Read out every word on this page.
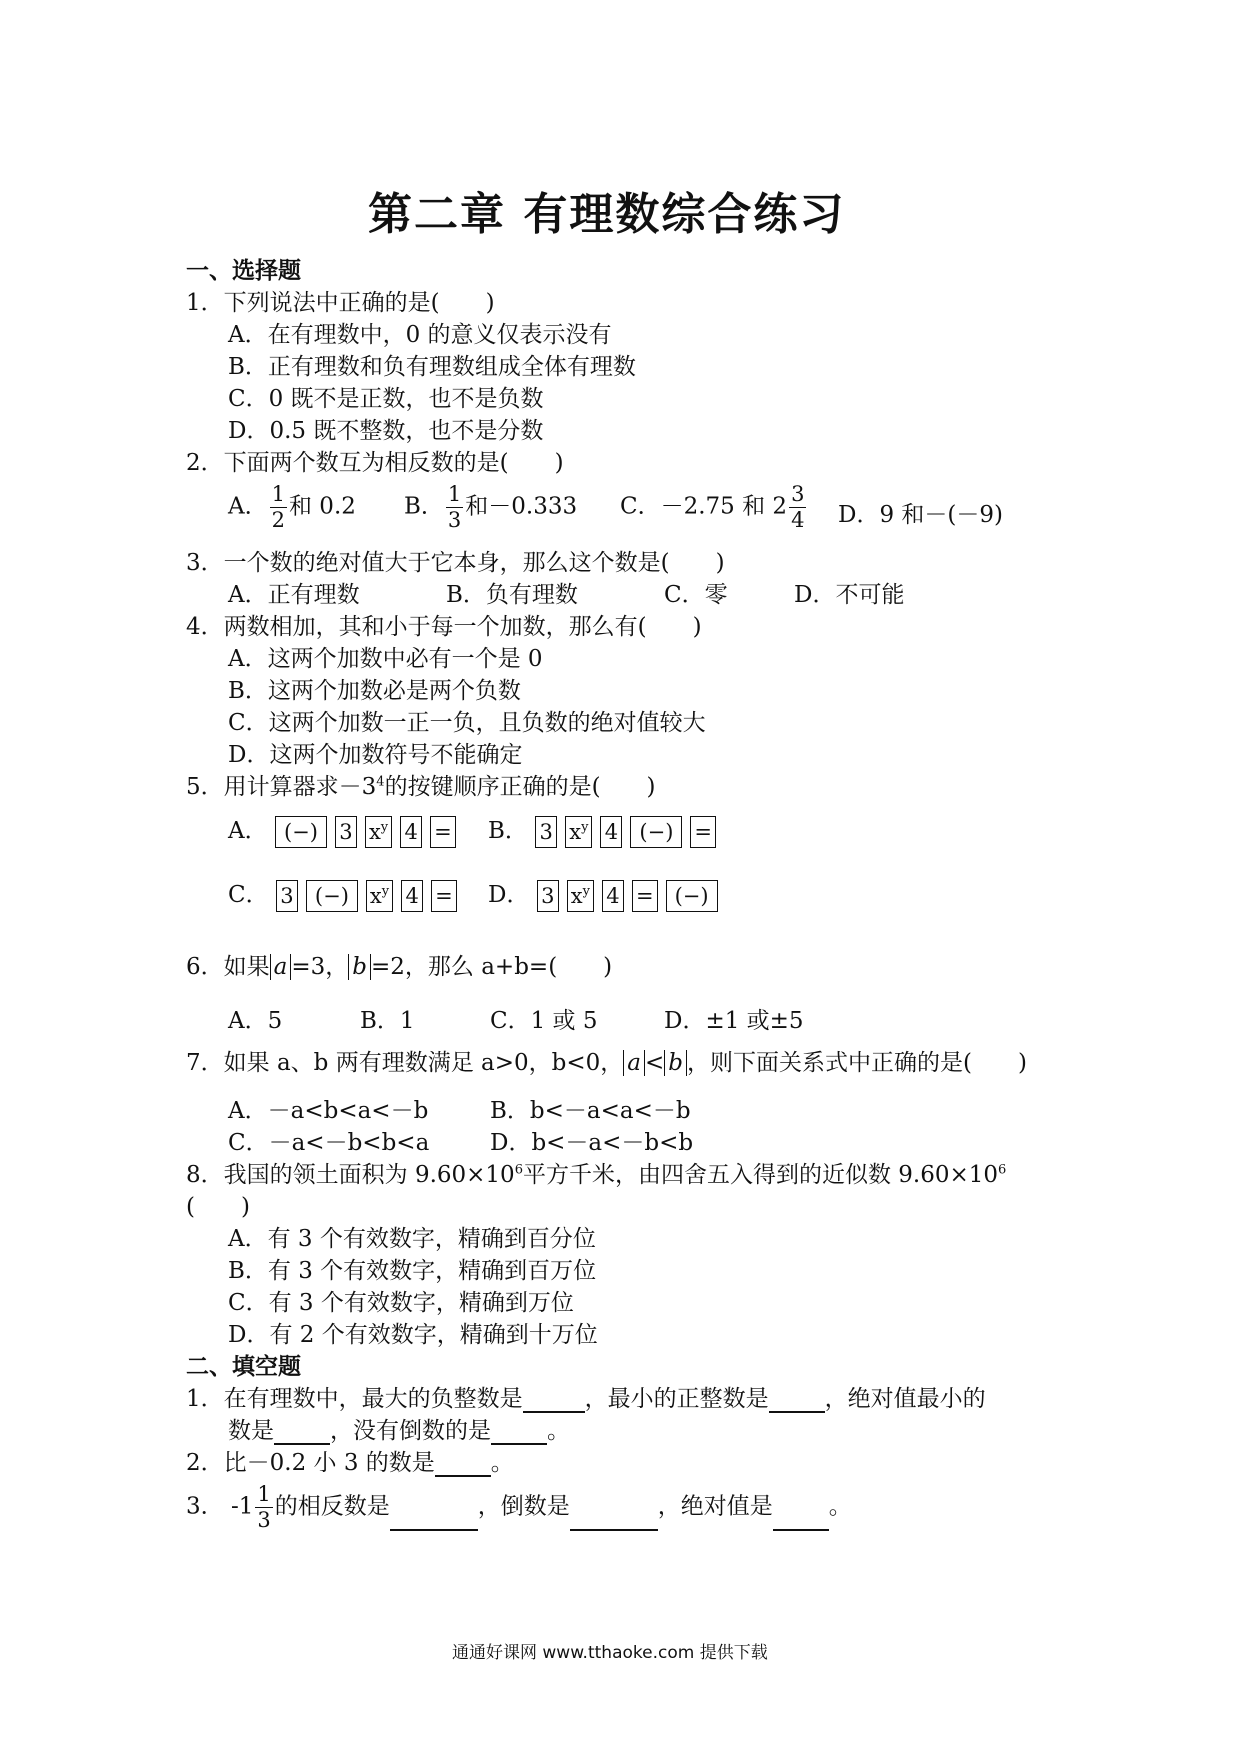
第二章 有理数综合练习
一、选择题
1．下列说法中正确的是(　　)
A．在有理数中，0 的意义仅表示没有
B．正有理数和负有理数组成全体有理数
C．0 既不是正数，也不是负数
D．0.5 既不整数，也不是分数
2．下面两个数互为相反数的是(　　)
A． $\frac{1}{2}$ 和 0.2 B． $\frac{1}{3}$ 和－0.333 C．－2.75 和 $2 \frac{3}{4}$ D．9 和－(－9)
3．一个数的绝对值大于它本身，那么这个数是(　　)
A．正有理数	B．负有理数	C．零	D．不可能
4．两数相加，其和小于每一个加数，那么有(　　)
A．这两个加数中必有一个是 0
B．这两个加数必是两个负数
C．这两个加数一正一负，且负数的绝对值较大
D．这两个加数符号不能确定
5．用计算器求$-3^4$的按键顺序正确的是(　　)
A． (−) 3 $x^y$ 4 =	B． 3 $x^y$ 4 (−) =
C． 3 (−) $x^y$ 4 =	D． 3 $x^y$ 4 = (−)
6．如果 a =3， b =2，那么 a+b=(　　)
A．5	B．1	C．1 或 5	D．±1 或±5
7．如果 a、b 两有理数满足 a>0，b<0， a < b ，则下面关系式中正确的是(　　)
A．－a<b<a<－b	B．b<－a<a<－b
C．－a<－b<b<a	D．b<－a<－b<b
8．我国的领土面积为 $9.60\times 10^6$平方千米，由四舍五入得到的近似数 $9.60\times 10^6$
(　　)
A．有 3 个有效数字，精确到百分位
B．有 3 个有效数字，精确到百万位
C．有 3 个有效数字，精确到万位
D．有 2 个有效数字，精确到十万位
二、填空题
1．在有理数中，最大的负整数是	，最小的正整数是 ，绝对值最小的
数是 ，没有倒数的是 。
2．比－0.2 小 3 的数是 。
3． $-1 \frac{1}{3}$ 的相反数是	，倒数是	，绝对值是 。
通通好课网 www.tthaoke.com 提供下载
